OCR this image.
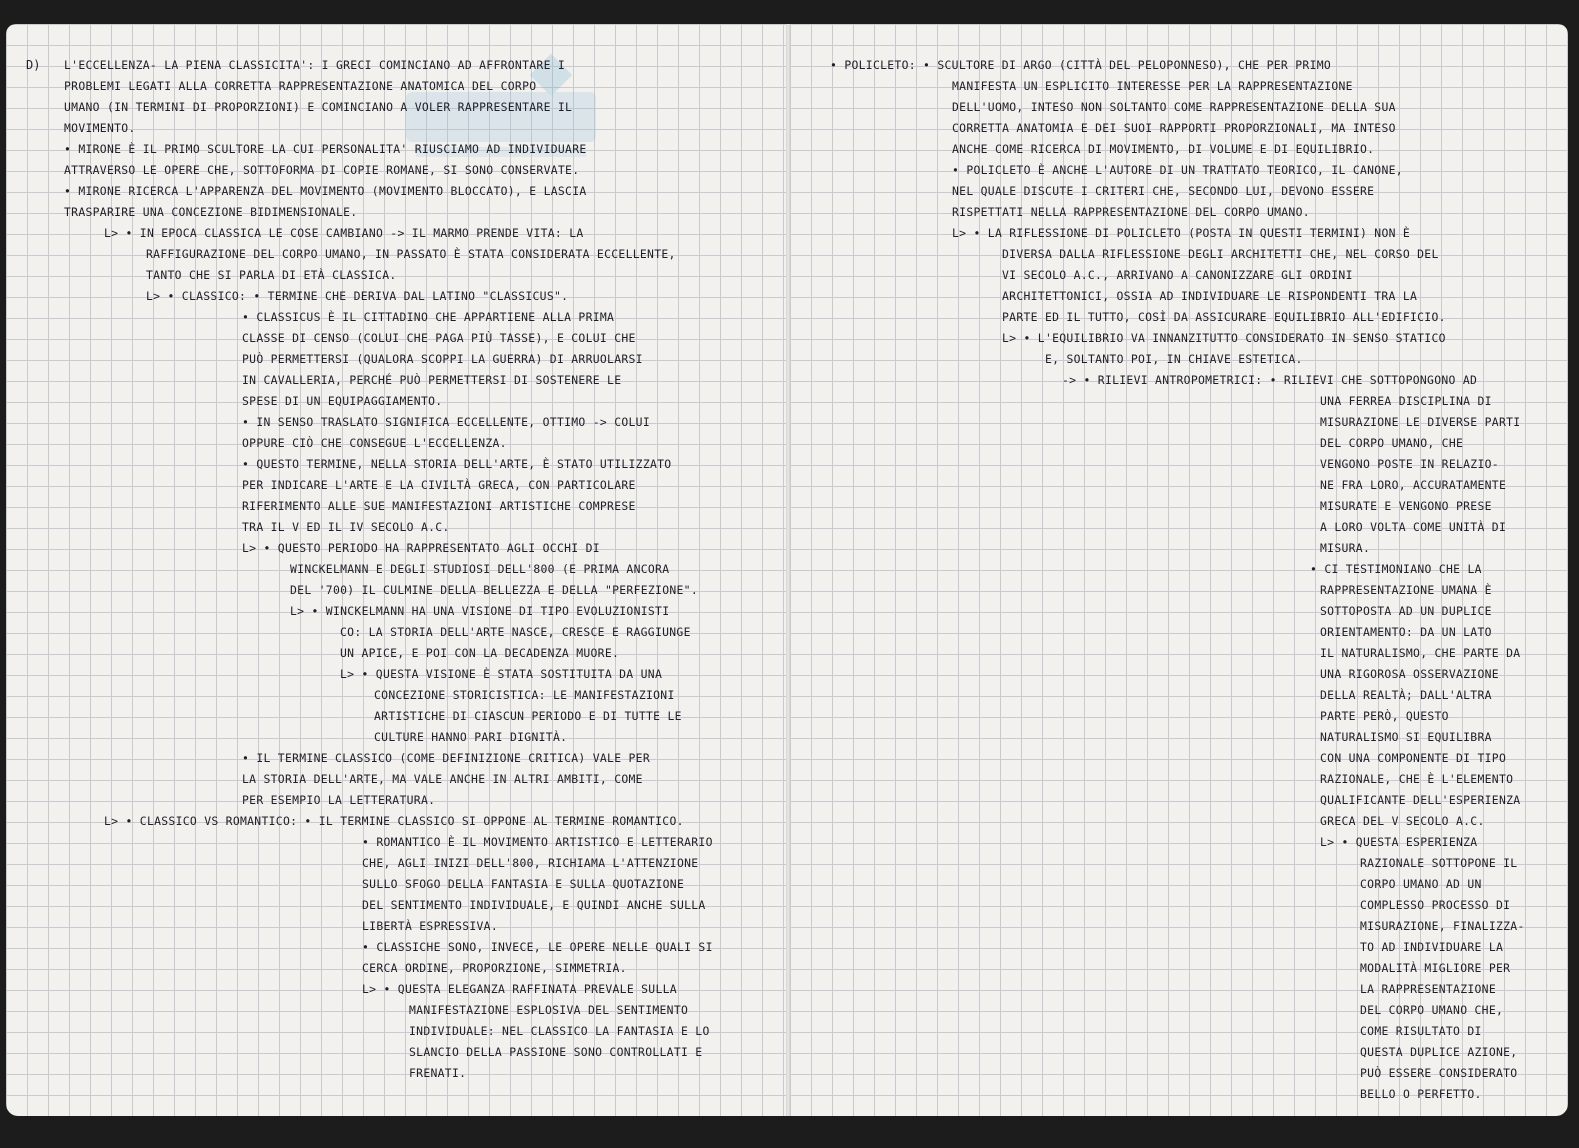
D) L'ECCELLENZA- LA PIENA CLASSICITA': I GRECI COMINCIANO AD AFFRONTARE I

PROBLEMI LEGATI ALLA CORRETTA RAPPRESENTAZIONE ANATOMICA DEL CORPO

UMANO (IN TERMINI DI PROPORZIONI) E COMINCIANO A VOLER RAPPRESENTARE IL

MOVIMENTO.

• MIRONE È IL PRIMO SCULTORE LA CUI PERSONALITA' RIUSCIAMO AD INDIVIDUARE

ATTRAVERSO LE OPERE CHE, SOTTOFORMA DI COPIE ROMANE, SI SONO CONSERVATE.

• MIRONE RICERCA L'APPARENZA DEL MOVIMENTO (MOVIMENTO BLOCCATO), E LASCIA

TRASPARIRE UNA CONCEZIONE BIDIMENSIONALE.

L> • IN EPOCA CLASSICA LE COSE CAMBIANO -> IL MARMO PRENDE VITA: LA

RAFFIGURAZIONE DEL CORPO UMANO, IN PASSATO È STATA CONSIDERATA ECCELLENTE,

TANTO CHE SI PARLA DI ETÀ CLASSICA.

L> • CLASSICO: • TERMINE CHE DERIVA DAL LATINO "CLASSICUS".

• CLASSICUS È IL CITTADINO CHE APPARTIENE ALLA PRIMA

CLASSE DI CENSO (COLUI CHE PAGA PIÙ TASSE), E COLUI CHE

PUÒ PERMETTERSI (QUALORA SCOPPI LA GUERRA) DI ARRUOLARSI

IN CAVALLERIA, PERCHÉ PUÒ PERMETTERSI DI SOSTENERE LE

SPESE DI UN EQUIPAGGIAMENTO.

• IN SENSO TRASLATO SIGNIFICA ECCELLENTE, OTTIMO -> COLUI

OPPURE CIÒ CHE CONSEGUE L'ECCELLENZA.

• QUESTO TERMINE, NELLA STORIA DELL'ARTE, È STATO UTILIZZATO

PER INDICARE L'ARTE E LA CIVILTÀ GRECA, CON PARTICOLARE

RIFERIMENTO ALLE SUE MANIFESTAZIONI ARTISTICHE COMPRESE

TRA IL V ED IL IV SECOLO A.C.

L> • QUESTO PERIODO HA RAPPRESENTATO AGLI OCCHI DI

WINCKELMANN E DEGLI STUDIOSI DELL'800 (E PRIMA ANCORA

DEL '700) IL CULMINE DELLA BELLEZZA E DELLA "PERFEZIONE".

L> • WINCKELMANN HA UNA VISIONE DI TIPO EVOLUZIONISTI

CO: LA STORIA DELL'ARTE NASCE, CRESCE E RAGGIUNGE

UN APICE, E POI CON LA DECADENZA MUORE.

L> • QUESTA VISIONE È STATA SOSTITUITA DA UNA

CONCEZIONE STORICISTICA: LE MANIFESTAZIONI

ARTISTICHE DI CIASCUN PERIODO E DI TUTTE LE

CULTURE HANNO PARI DIGNITÀ.

• IL TERMINE CLASSICO (COME DEFINIZIONE CRITICA) VALE PER

LA STORIA DELL'ARTE, MA VALE ANCHE IN ALTRI AMBITI, COME

PER ESEMPIO LA LETTERATURA.

L> • CLASSICO VS ROMANTICO: • IL TERMINE CLASSICO SI OPPONE AL TERMINE ROMANTICO.

• ROMANTICO È IL MOVIMENTO ARTISTICO E LETTERARIO

CHE, AGLI INIZI DELL'800, RICHIAMA L'ATTENZIONE

SULLO SFOGO DELLA FANTASIA E SULLA QUOTAZIONE

DEL SENTIMENTO INDIVIDUALE, E QUINDI ANCHE SULLA

LIBERTÀ ESPRESSIVA.

• CLASSICHE SONO, INVECE, LE OPERE NELLE QUALI SI

CERCA ORDINE, PROPORZIONE, SIMMETRIA.

L> • QUESTA ELEGANZA RAFFINATA PREVALE SULLA

MANIFESTAZIONE ESPLOSIVA DEL SENTIMENTO

INDIVIDUALE: NEL CLASSICO LA FANTASIA E LO

SLANCIO DELLA PASSIONE SONO CONTROLLATI E

FRENATI.

• POLICLETO: • SCULTORE DI ARGO (CITTÀ DEL PELOPONNESO), CHE PER PRIMO

MANIFESTA UN ESPLICITO INTERESSE PER LA RAPPRESENTAZIONE

DELL'UOMO, INTESO NON SOLTANTO COME RAPPRESENTAZIONE DELLA SUA

CORRETTA ANATOMIA E DEI SUOI RAPPORTI PROPORZIONALI, MA INTESO

ANCHE COME RICERCA DI MOVIMENTO, DI VOLUME E DI EQUILIBRIO.

• POLICLETO È ANCHE L'AUTORE DI UN TRATTATO TEORICO, IL CANONE,

NEL QUALE DISCUTE I CRITERI CHE, SECONDO LUI, DEVONO ESSERE

RISPETTATI NELLA RAPPRESENTAZIONE DEL CORPO UMANO.

L> • LA RIFLESSIONE DI POLICLETO (POSTA IN QUESTI TERMINI) NON È

DIVERSA DALLA RIFLESSIONE DEGLI ARCHITETTI CHE, NEL CORSO DEL

VI SECOLO A.C., ARRIVANO A CANONIZZARE GLI ORDINI

ARCHITETTONICI, OSSIA AD INDIVIDUARE LE RISPONDENTI TRA LA

PARTE ED IL TUTTO, COSÌ DA ASSICURARE EQUILIBRIO ALL'EDIFICIO.

L> • L'EQUILIBRIO VA INNANZITUTTO CONSIDERATO IN SENSO STATICO

E, SOLTANTO POI, IN CHIAVE ESTETICA.

-> • RILIEVI ANTROPOMETRICI: • RILIEVI CHE SOTTOPONGONO AD

UNA FERREA DISCIPLINA DI

MISURAZIONE LE DIVERSE PARTI

DEL CORPO UMANO, CHE

VENGONO POSTE IN RELAZIO-

NE FRA LORO, ACCURATAMENTE

MISURATE E VENGONO PRESE

A LORO VOLTA COME UNITÀ DI

MISURA.

• CI TESTIMONIANO CHE LA

RAPPRESENTAZIONE UMANA È

SOTTOPOSTA AD UN DUPLICE

ORIENTAMENTO: DA UN LATO

IL NATURALISMO, CHE PARTE DA

UNA RIGOROSA OSSERVAZIONE

DELLA REALTÀ; DALL'ALTRA

PARTE PERÒ, QUESTO

NATURALISMO SI EQUILIBRA

CON UNA COMPONENTE DI TIPO

RAZIONALE, CHE È L'ELEMENTO

QUALIFICANTE DELL'ESPERIENZA

GRECA DEL V SECOLO A.C.

L> • QUESTA ESPERIENZA

RAZIONALE SOTTOPONE IL

CORPO UMANO AD UN

COMPLESSO PROCESSO DI

MISURAZIONE, FINALIZZA-

TO AD INDIVIDUARE LA

MODALITÀ MIGLIORE PER

LA RAPPRESENTAZIONE

DEL CORPO UMANO CHE,

COME RISULTATO DI

QUESTA DUPLICE AZIONE,

PUÒ ESSERE CONSIDERATO

BELLO O PERFETTO.
